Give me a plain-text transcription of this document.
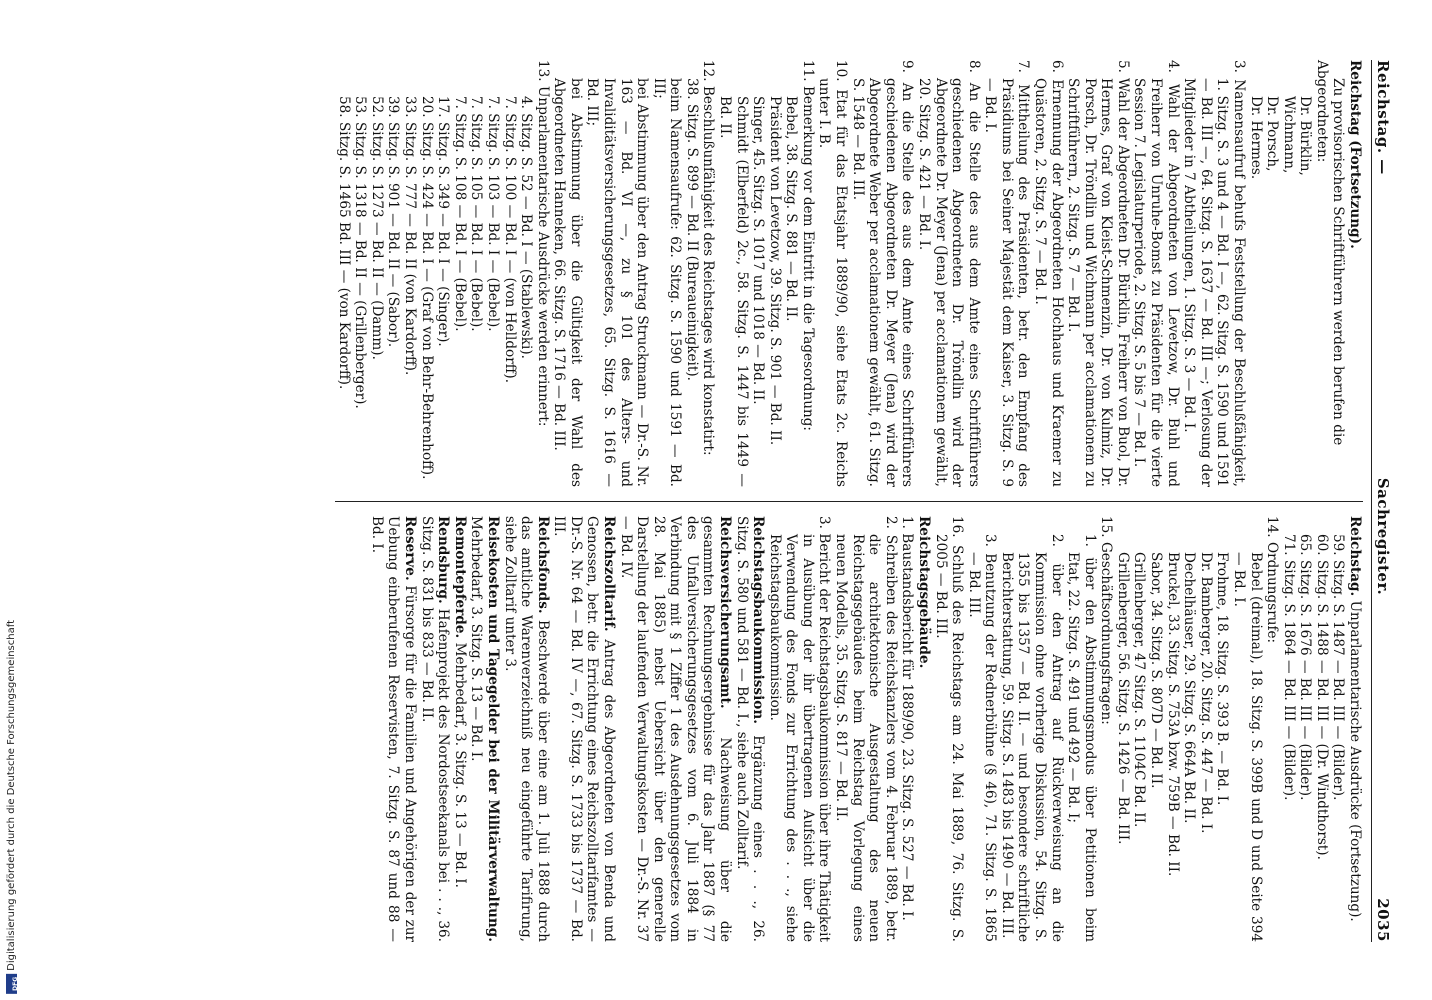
Reichstag. —
Sachregister.
2035

Reichstag (Fortsetzung).

Zu provisorischen Schriftführern werden berufen die

Abgeordneten:

Dr. Bürklin,

Wichmann,

Dr. Porsch,

Dr. Hermes.

3. Namensaufruf behufs Feststellung der Beschlußfähigkeit, 1. Sitzg. S. 3 und 4 — Bd. I —, 62. Sitzg. S. 1590 und 1591 — Bd. III —, 64. Sitzg. S. 1637 — Bd. III —; Verlosung der Mitglieder in 7 Abtheilungen, 1. Sitzg. S. 3 — Bd. I.

4. Wahl der Abgeordneten von Levetzow, Dr. Buhl und Freiherr von Unruhe-Bomst zu Präsidenten für die vierte Session 7. Legislaturperiode, 2. Sitzg. S. 5 bis 7 — Bd. I.

5. Wahl der Abgeordneten Dr. Bürklin, Freiherr von Buol, Dr. Hermes, Graf von Kleist-Schmenzin, Dr. von Kulmiz, Dr. Porsch, Dr. Tröndlin und Wichmann per acclamationem zu Schriftführern, 2. Sitzg. S. 7 — Bd. I.

6. Ernennung der Abgeordneten Hochhaus und Kraemer zu Quästoren, 2. Sitzg. S. 7 — Bd. I.

7. Mittheilung des Präsidenten, betr. den Empfang des Präsidiums bei Seiner Majestät dem Kaiser, 3. Sitzg. S. 9 — Bd. I.

8. An die Stelle des aus dem Amte eines Schriftführers geschiedenen Abgeordneten Dr. Tröndlin wird der Abgeordnete Dr. Meyer (Jena) per acclamationem gewählt, 20. Sitzg. S. 421 — Bd. I.

9. An die Stelle des aus dem Amte eines Schriftführers geschiedenen Abgeordneten Dr. Meyer (Jena) wird der Abgeordnete Weber per acclamationem gewählt, 61. Sitzg. S. 1548 — Bd. III.

10. Etat für das Etatsjahr 1889/90, siehe Etats 2c. Reichs unter I. B.

11. Bemerkung vor dem Eintritt in die Tagesordnung:

Bebel, 38. Sitzg. S. 881 — Bd. II.

Präsident von Levetzow, 39. Sitzg. S. 901 — Bd. II.

Singer, 45. Sitzg. S. 1017 und 1018 — Bd. II.

Schmidt (Elberfeld) 2c., 58. Sitzg. S. 1447 bis 1449 — Bd. II.

12. Beschlußunfähigkeit des Reichstages wird konstatirt:

38. Sitzg. S. 899 — Bd. II (Bureaueinigkeit).

beim Namensaufrufe: 62. Sitzg. S. 1590 und 1591 — Bd. III;

bei Abstimmung über den Antrag Struckmann — Dr.-S. Nr. 163 — Bd. VI —, zu § 101 des Alters- und Invaliditätsversicherungsgesetzes, 65. Sitzg. S. 1616 — Bd. III;

bei Abstimmung über die Gültigkeit der Wahl des Abgeordneten Hanneken, 66. Sitzg. S. 1716 — Bd. III.

13. Unparlamentarische Ausdrücke werden erinnert:

4. Sitzg. S. 52 — Bd. I — (Stablewski).

7. Sitzg. S. 100 — Bd. I — (von Helldorff).

7. Sitzg. S. 103 — Bd. I — (Bebel).

7. Sitzg. S. 105 — Bd. I — (Bebel).

7. Sitzg. S. 108 — Bd. I — (Bebel).

17. Sitzg. S. 349 — Bd. I — (Singer).

20. Sitzg. S. 424 — Bd. I — (Graf von Behr-Behrenhoff).

33. Sitzg. S. 777 — Bd. II (von Kardorff).

39. Sitzg. S. 901 — Bd. II — (Sabor).

52. Sitzg. S. 1273 — Bd. II — (Damm).

53. Sitzg. S. 1318 — Bd. II — (Grillenberger).

58. Sitzg. S. 1465 Bd. III — (von Kardorff).

Reichstag. Unparlamentarische Ausdrücke (Fortsetzung).

59. Sitzg. S. 1487 — Bd. III — (Bilder).

60. Sitzg. S. 1488 — Bd. III — (Dr. Windthorst).

65. Sitzg. S. 1676 — Bd. III — (Bilder).

71. Sitzg. S. 1864 — Bd. III — (Bilder).

14. Ordnungsrufe:

Bebel (dreimal), 18. Sitzg. S. 399B und D und Seite 394 — Bd. I.

Frohme, 18. Sitzg. S. 393 B. — Bd. I.

Dr. Bamberger, 20. Sitzg. S. 447 — Bd. I.

Dechelhäuser, 29. Sitzg. S. 664A Bd. II.

Bruckel, 33. Sitzg. S. 753A bzw. 759B — Bd. II.

Sabor, 34. Sitzg. S. 807D — Bd. II.

Grillenberger, 47 Sitzg. S. 1104C Bd. II.

Grillenberger, 56. Sitzg. S. 1426 — Bd. III.

15. Geschäftsordnungsfragen:

1. über den Abstimmungsmodus über Petitionen beim Etat, 22. Sitzg. S. 491 und 492 — Bd. I;

2. über den Antrag auf Rückverweisung an die Kommission ohne vorherige Diskussion, 54. Sitzg. S. 1355 bis 1357 — Bd. II. — und besondere schriftliche Berichterstattung, 59. Sitzg. S. 1483 bis 1490 — Bd. III.

3. Benutzung der Rednerbühne (§ 46), 71. Sitzg. S. 1865 — Bd. III.

16. Schluß des Reichstags am 24. Mai 1889, 76. Sitzg. S. 2005 — Bd. III.

Reichstagsgebäude.

1. Baustandsbericht für 1889/90, 23. Sitzg. S. 527 — Bd. I.

2. Schreiben des Reichskanzlers vom 4. Februar 1889, betr. die architektonische Ausgestaltung des neuen Reichstagsgebäudes beim Reichstag Vorlegung eines neuen Modells, 35. Sitzg. S. 817 — Bd. II.

3. Bericht der Reichstagsbaukommission über ihre Thätigkeit in Ausübung der ihr übertragenen Aufsicht über die Verwendung des Fonds zur Errichtung des . . ., siehe Reichstagsbaukommission.

Reichstagsbaukommission. Ergänzung eines . . ., 26. Sitzg. S. 580 und 581 — Bd. I., siehe auch Zolltarif.

Reichsversicherungsamt. Nachweisung über die gesammten Rechnungsergebnisse für das Jahr 1887 (§ 77 des Unfallversicherungsgesetzes vom 6. Juli 1884 in Verbindung mit § 1 Ziffer 1 des Ausdehnungsgesetzes vom 28. Mai 1885) nebst Uebersicht über den generelle Darstellung der laufenden Verwaltungskosten — Dr.-S. Nr. 37 — Bd. IV.

Reichszolltarif. Antrag des Abgeordneten von Benda und Genossen, betr. die Errichtung eines Reichszolltarifamtes — Dr.-S. Nr. 64 — Bd. IV —, 67. Sitzg. S. 1733 bis 1737 — Bd. III.

Reichsfonds. Beschwerde über eine am 1. Juli 1888 durch das amtliche Warenverzeichniß neu eingeführte Tarifirung, siehe Zolltarif unter 3.

Reisekosten und Tagegelder bei der Militärverwaltung. Mehrbedarf, 3. Sitzg. S. 13 — Bd. I.

Remontepferde. Mehrbedarf, 3. Sitzg. S. 13 — Bd. I.

Rendsburg. Hafenprojekt des Nordostseekanals bei . . ., 36. Sitzg. S. 831 bis 833 — Bd. II.

Reserve. Fürsorge für die Familien und Angehörigen der zur Uebung einberufenen Reservisten, 7. Sitzg. S. 87 und 88 — Bd. I.

DFG
Digitalisierung gefördert durch die Deutsche Forschungsgemeinschaft
